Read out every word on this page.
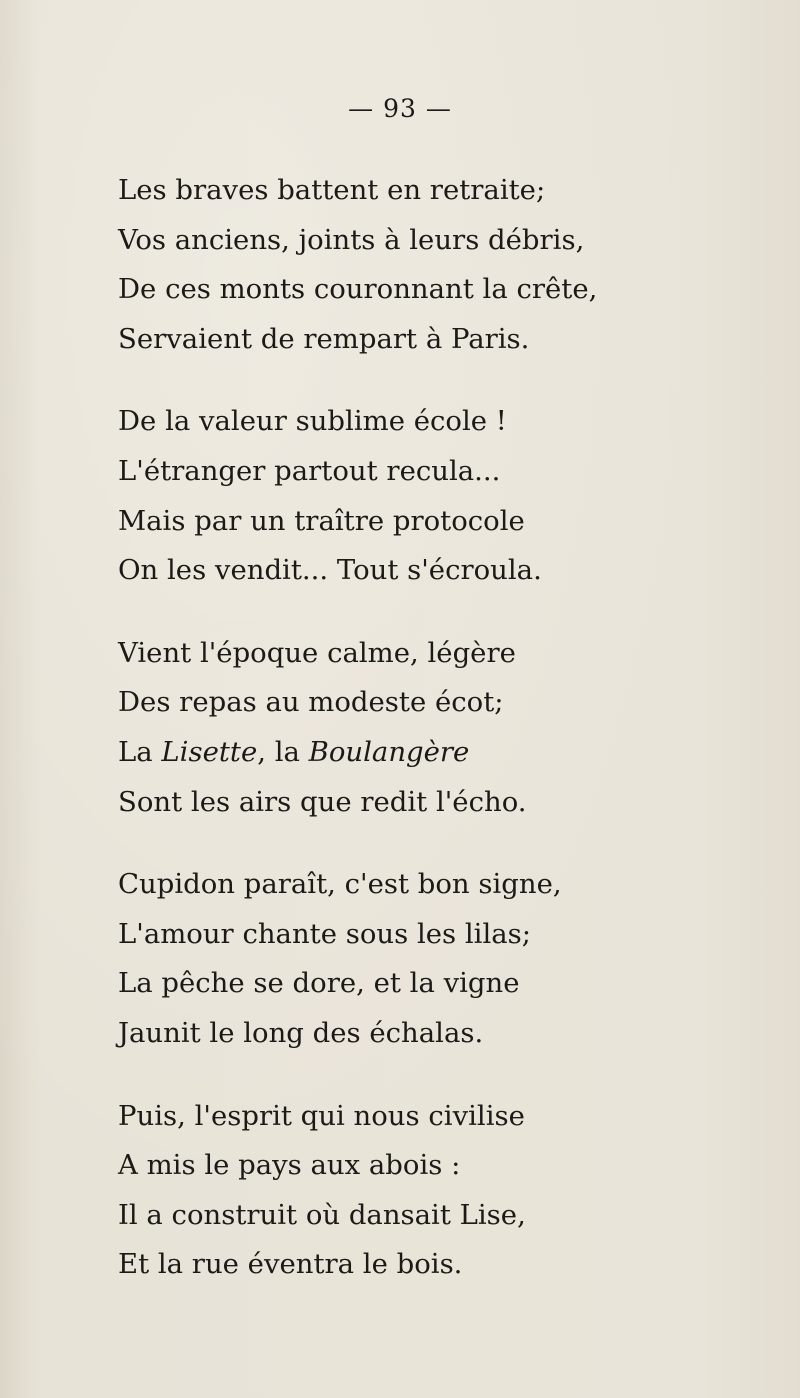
— 93 —
Les braves battent en retraite;
Vos anciens, joints à leurs débris,
De ces monts couronnant la crête,
Servaient de rempart à Paris.
De la valeur sublime école !
L'étranger partout recula...
Mais par un traître protocole
On les vendit... Tout s'écroula.
Vient l'époque calme, légère
Des repas au modeste écot;
La Lisette, la Boulangère
Sont les airs que redit l'écho.
Cupidon paraît, c'est bon signe,
L'amour chante sous les lilas;
La pêche se dore, et la vigne
Jaunit le long des échalas.
Puis, l'esprit qui nous civilise
A mis le pays aux abois :
Il a construit où dansait Lise,
Et la rue éventra le bois.
